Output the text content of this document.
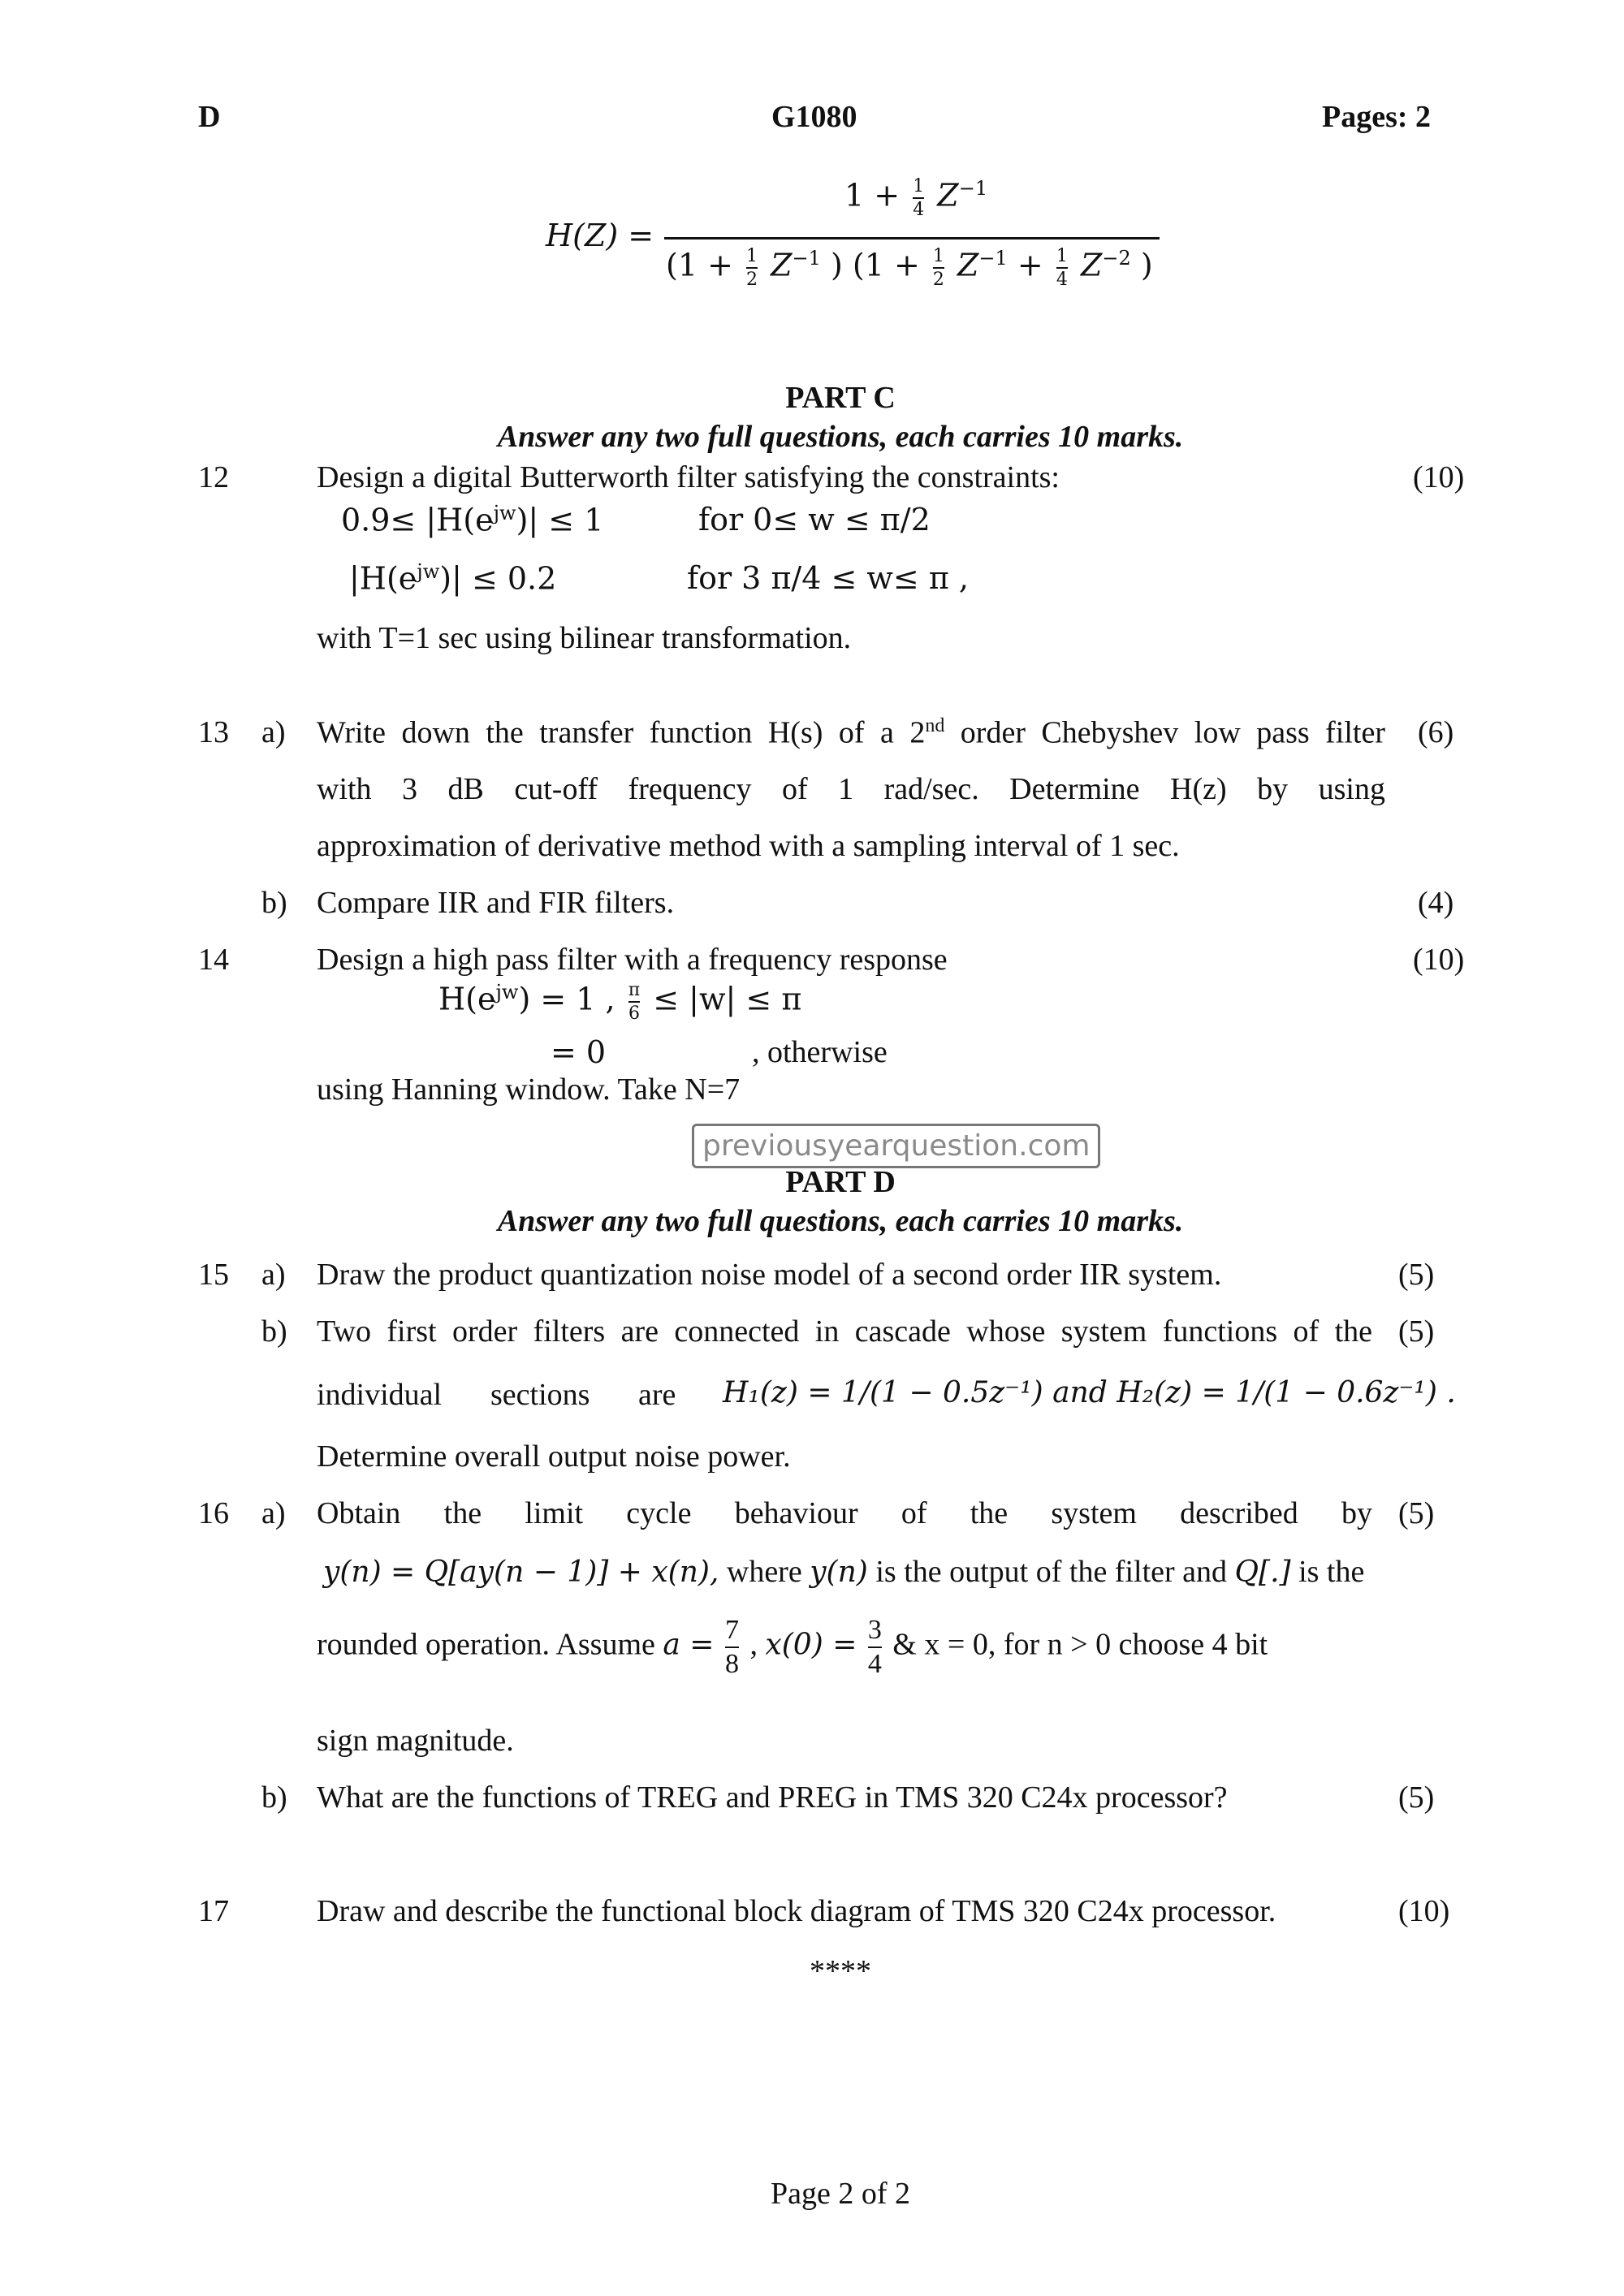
D	G1080	Pages: 2
H(Z) =
$1 + \frac{1}{4} Z^{-1}$
($1 + \frac{1}{2} Z^{-1}$ ) ($1 + \frac{1}{2} Z^{-1} + \frac{1}{4} Z^{-2}$ )
PART C
Answer any two full questions, each carries 10 marks.
12	Design a digital Butterworth filter satisfying the constraints:	(10)
$0.9\le |H(e^{jw})| \le 1$	for 0≤ w ≤ π/2
$|H(e^{jw})| \le 0.2$	for 3 π/4 ≤ w≤ π ,
with T=1 sec using bilinear transformation.
13 a) Write down the transfer function H(s) of a 2nd order Chebyshev low pass filter (6)
with 3 dB cut-off frequency of 1 rad/sec. Determine H(z) by using
approximation of derivative method with a sampling interval of 1 sec.
b) Compare IIR and FIR filters.	(4)
14	Design a high pass filter with a frequency response	(10)
$H(e^{jw}) = 1$ , $\frac{\pi}{6} \le |w| \le \pi$
= 0	, otherwise
using Hanning window. Take N=7
previousyearquestion.com
PART D
Answer any two full questions, each carries 10 marks.
15 a) Draw the product quantization noise model of a second order IIR system.	(5)
b) Two first order filters are connected in cascade whose system functions of the (5)
individual sections are H₁(z) = 1/(1 − 0.5z⁻¹) and H₂(z) = 1/(1 − 0.6z⁻¹) .
Determine overall output noise power.
16 a) Obtain the limit cycle behaviour of the system described by (5)
y(n) = Q[ay(n − 1)] + x(n), where y(n) is the output of the filter and Q[.] is the
rounded operation. Assume $a = \frac{7}{8}$ , $x(0) = \frac{3}{4}$ & x = 0, for n > 0 choose 4 bit
sign magnitude.
b) What are the functions of TREG and PREG in TMS 320 C24x processor?	(5)
17	Draw and describe the functional block diagram of TMS 320 C24x processor.	(10)
****
Page 2 of 2
